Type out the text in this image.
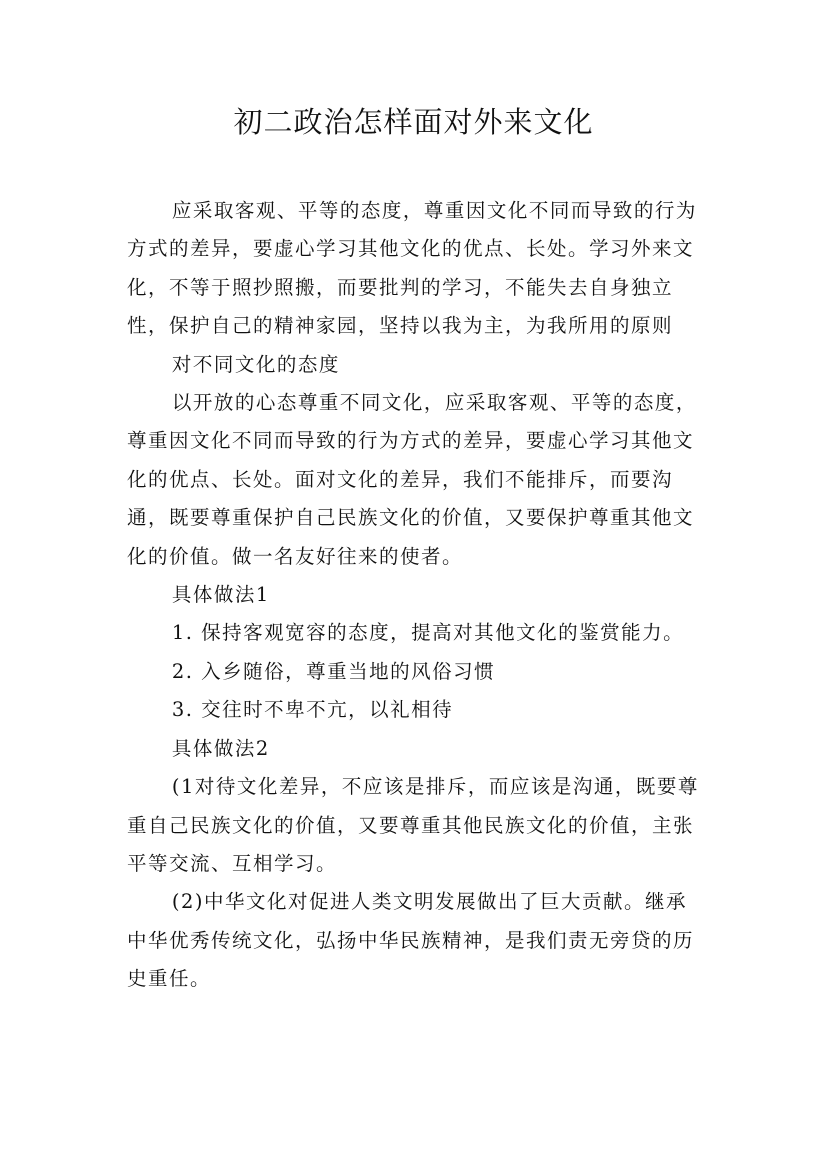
初二政治怎样面对外来文化

应采取客观、平等的态度，尊重因文化不同而导致的行为方式的差异，要虚心学习其他文化的优点、长处。学习外来文化，不等于照抄照搬，而要批判的学习，不能失去自身独立性，保护自己的精神家园，坚持以我为主，为我所用的原则

对不同文化的态度

以开放的心态尊重不同文化，应采取客观、平等的态度，尊重因文化不同而导致的行为方式的差异，要虚心学习其他文化的优点、长处。面对文化的差异，我们不能排斥，而要沟通，既要尊重保护自己民族文化的价值，又要保护尊重其他文化的价值。做一名友好往来的使者。

具体做法1

1. 保持客观宽容的态度，提高对其他文化的鉴赏能力。

2. 入乡随俗，尊重当地的风俗习惯

3. 交往时不卑不亢，以礼相待

具体做法2

(1对待文化差异，不应该是排斥，而应该是沟通，既要尊重自己民族文化的价值，又要尊重其他民族文化的价值，主张平等交流、互相学习。

(2)中华文化对促进人类文明发展做出了巨大贡献。继承中华优秀传统文化，弘扬中华民族精神，是我们责无旁贷的历史重任。
